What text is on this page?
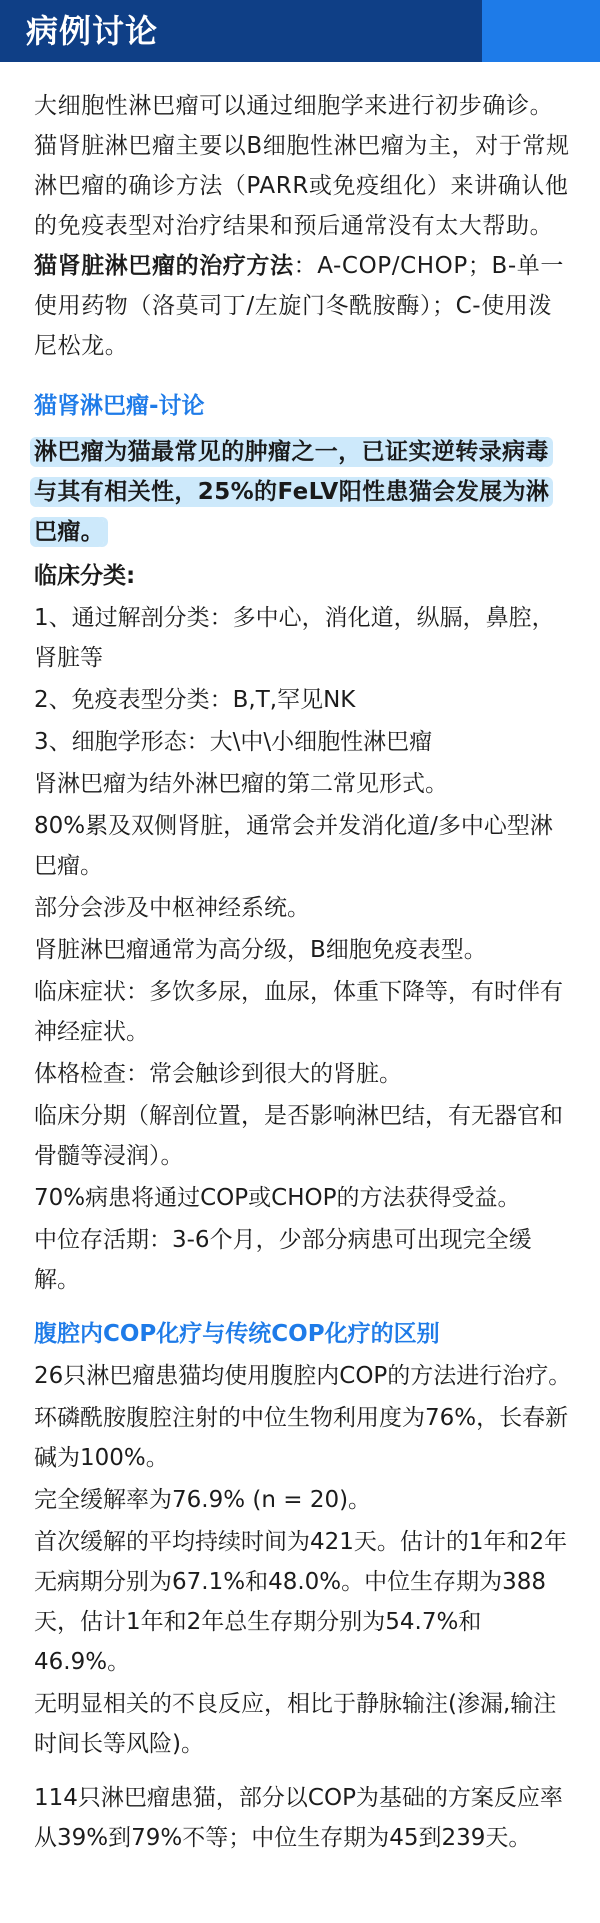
病例讨论

大细胞性淋巴瘤可以通过细胞学来进行初步确诊。猫肾脏淋巴瘤主要以B细胞性淋巴瘤为主，对于常规淋巴瘤的确诊方法（PARR或免疫组化）来讲确认他的免疫表型对治疗结果和预后通常没有太大帮助。猫肾脏淋巴瘤的治疗方法：A-COP/CHOP；B-单一使用药物（洛莫司丁/左旋门冬酰胺酶）；C-使用泼尼松龙。

猫肾淋巴瘤-讨论

淋巴瘤为猫最常见的肿瘤之一，已证实逆转录病毒与其有相关性，25%的FeLV阳性患猫会发展为淋巴瘤。

临床分类:

1、通过解剖分类：多中心，消化道，纵膈，鼻腔，肾脏等

2、免疫表型分类：B,T,罕见NK

3、细胞学形态：大\中\小细胞性淋巴瘤

肾淋巴瘤为结外淋巴瘤的第二常见形式。

80%累及双侧肾脏，通常会并发消化道/多中心型淋巴瘤。

部分会涉及中枢神经系统。

肾脏淋巴瘤通常为高分级，B细胞免疫表型。

临床症状：多饮多尿，血尿，体重下降等，有时伴有神经症状。

体格检查：常会触诊到很大的肾脏。

临床分期（解剖位置，是否影响淋巴结，有无器官和骨髓等浸润）。

70%病患将通过COP或CHOP的方法获得受益。

中位存活期：3-6个月，少部分病患可出现完全缓解。

腹腔内COP化疗与传统COP化疗的区别

26只淋巴瘤患猫均使用腹腔内COP的方法进行治疗。

环磷酰胺腹腔注射的中位生物利用度为76%，长春新碱为100%。

完全缓解率为76.9% (n = 20)。

首次缓解的平均持续时间为421天。估计的1年和2年无病期分别为67.1%和48.0%。中位生存期为388天，估计1年和2年总生存期分别为54.7%和46.9%。

无明显相关的不良反应，相比于静脉输注(渗漏,输注时间长等风险)。

114只淋巴瘤患猫，部分以COP为基础的方案反应率从39%到79%不等；中位生存期为45到239天。
